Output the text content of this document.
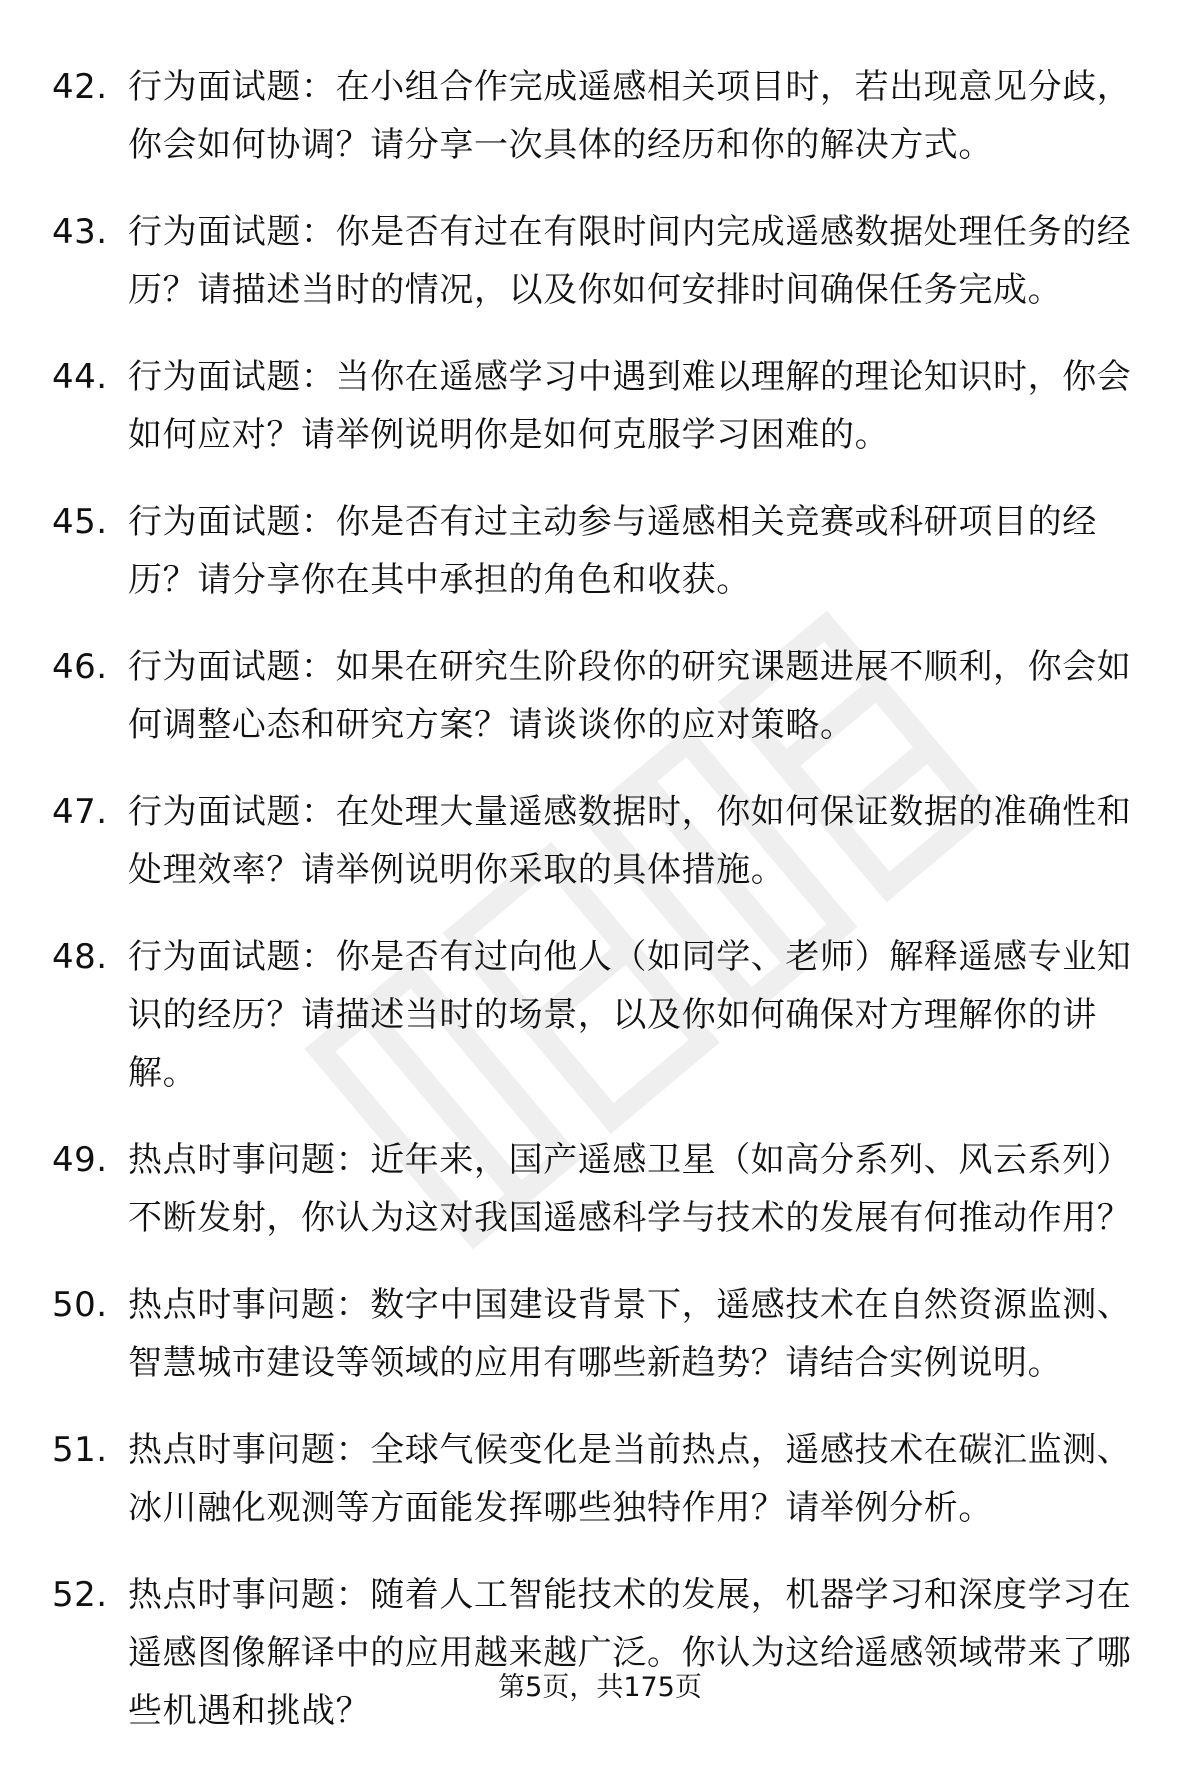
42. 行为面试题：在小组合作完成遥感相关项目时，若出现意见分歧，你会如何协调？请分享一次具体的经历和你的解决方式。
43. 行为面试题：你是否有过在有限时间内完成遥感数据处理任务的经历？请描述当时的情况，以及你如何安排时间确保任务完成。
44. 行为面试题：当你在遥感学习中遇到难以理解的理论知识时，你会如何应对？请举例说明你是如何克服学习困难的。
45. 行为面试题：你是否有过主动参与遥感相关竞赛或科研项目的经历？请分享你在其中承担的角色和收获。
46. 行为面试题：如果在研究生阶段你的研究课题进展不顺利，你会如何调整心态和研究方案？请谈谈你的应对策略。
47. 行为面试题：在处理大量遥感数据时，你如何保证数据的准确性和处理效率？请举例说明你采取的具体措施。
48. 行为面试题：你是否有过向他人（如同学、老师）解释遥感专业知识的经历？请描述当时的场景，以及你如何确保对方理解你的讲解。
49. 热点时事问题：近年来，国产遥感卫星（如高分系列、风云系列）不断发射，你认为这对我国遥感科学与技术的发展有何推动作用？
50. 热点时事问题：数字中国建设背景下，遥感技术在自然资源监测、智慧城市建设等领域的应用有哪些新趋势？请结合实例说明。
51. 热点时事问题：全球气候变化是当前热点，遥感技术在碳汇监测、冰川融化观测等方面能发挥哪些独特作用？请举例分析。
52. 热点时事问题：随着人工智能技术的发展，机器学习和深度学习在遥感图像解译中的应用越来越广泛。你认为这给遥感领域带来了哪些机遇和挑战？
第5页，共175页
